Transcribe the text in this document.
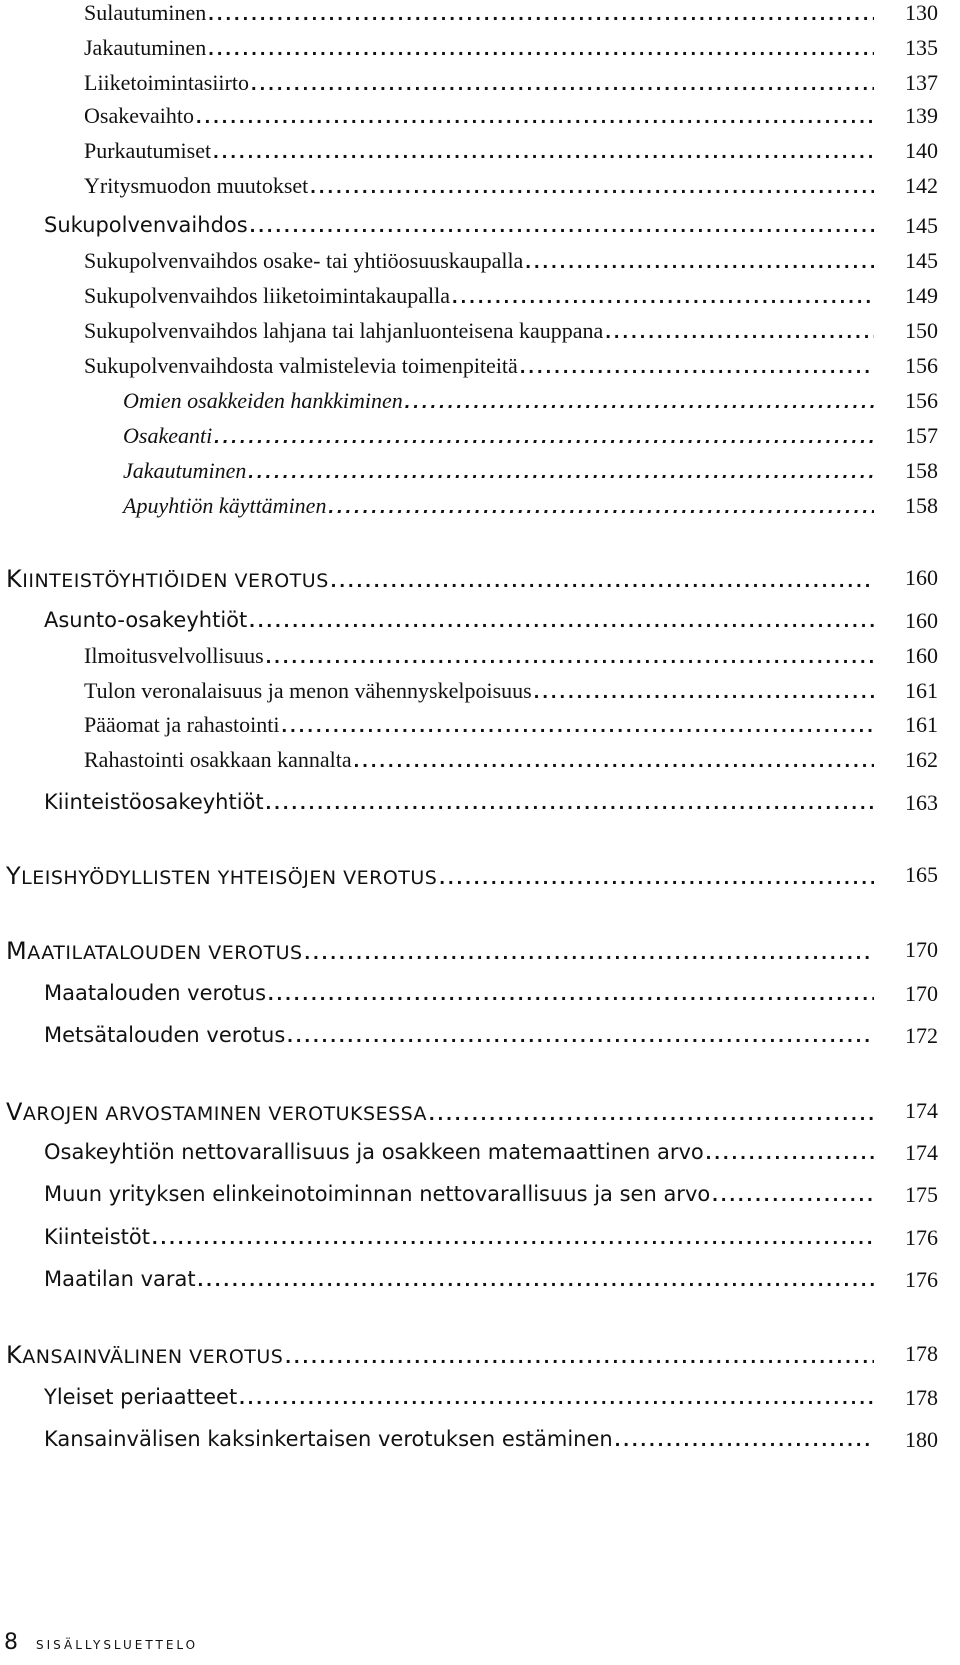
Sulautuminen . . .	130
Jakautuminen . . .	135
Liiketoimintasiirto . . .	137
Osakevaihto . . .	139
Purkautumiset . . .	140
Yritysmuodon muutokset . . .	142
Sukupolvenvaihdos . . .	145
Sukupolvenvaihdos osake- tai yhtiöosuuskaupalla . . .	145
Sukupolvenvaihdos liiketoimintakaupalla . . .	149
Sukupolvenvaihdos lahjana tai lahjanluonteisena kauppana . . .	150
Sukupolvenvaihdosta valmistelevia toimenpiteitä . . .	156
Omien osakkeiden hankkiminen . . .	156
Osakeanti . . .	157
Jakautuminen . . .	158
Apuyhtiön käyttäminen . . .	158
KIINTEISTÖYHTIÖIDEN VEROTUS . . .	160
Asunto-osakeyhtiöt . . .	160
Ilmoitusvelvollisuus . . .	160
Tulon veronalaisuus ja menon vähennyskelpoisuus . . .	161
Pääomat ja rahastointi . . .	161
Rahastointi osakkaan kannalta . . .	162
Kiinteistöosakeyhtiöt . . .	163
YLEISHYÖDYLLISTEN YHTEISÖJEN VEROTUS . . .	165
MAATILATALOUDEN VEROTUS . . .	170
Maatalouden verotus . . .	170
Metsätalouden verotus . . .	172
VAROJEN ARVOSTAMINEN VEROTUKSESSA . . .	174
Osakeyhtiön nettovarallisuus ja osakkeen matemaattinen arvo . . .	174
Muun yrityksen elinkeinotoiminnan nettovarallisuus ja sen arvo . . .	175
Kiinteistöt . . .	176
Maatilan varat . . .	176
KANSAINVÄLINEN VEROTUS . . .	178
Yleiset periaatteet . . .	178
Kansainvälisen kaksinkertaisen verotuksen estäminen . . .	180
8 SISÄLLYSLUETTELO
